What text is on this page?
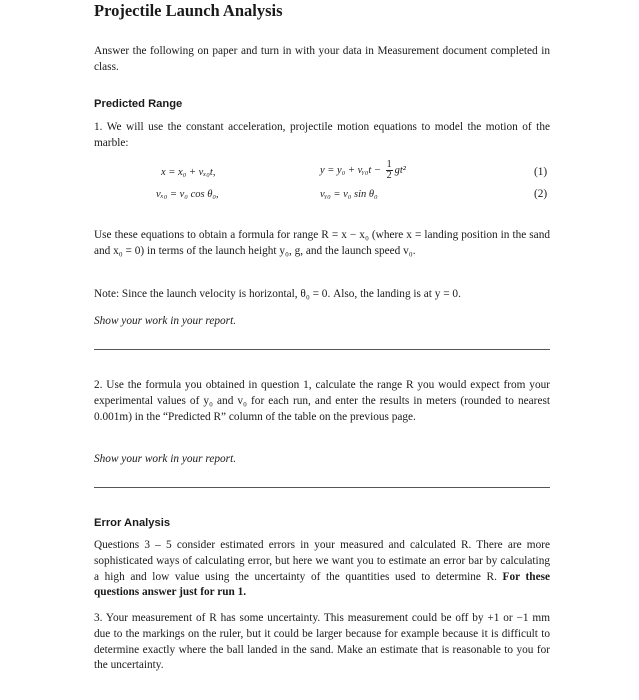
Projectile Launch Analysis

Answer the following on paper and turn in with your data in Measurement document completed in class.

Predicted Range

1. We will use the constant acceleration, projectile motion equations to model the motion of the marble:

x = x₀ + vₓ₀t,	y = y₀ + vᵧ₀t − $\frac{1}{2} gt^2$	(1)
vₓ₀ = v₀ cos θ₀,	vᵧ₀ = v₀ sin θ₀	(2)

Use these equations to obtain a formula for range R = x − x₀ (where x = landing position in the sand and x₀ = 0) in terms of the launch height y₀, g, and the launch speed v₀.

Note: Since the launch velocity is horizontal, θ₀ = 0. Also, the landing is at y = 0.

Show your work in your report.

2. Use the formula you obtained in question 1, calculate the range R you would expect from your experimental values of y₀ and v₀ for each run, and enter the results in meters (rounded to nearest 0.001m) in the “Predicted R” column of the table on the previous page.

Show your work in your report.

Error Analysis

Questions 3 – 5 consider estimated errors in your measured and calculated R. There are more sophisticated ways of calculating error, but here we want you to estimate an error bar by calculating a high and low value using the uncertainty of the quantities used to determine R. For these questions answer just for run 1.

3. Your measurement of R has some uncertainty. This measurement could be off by +1 or −1 mm due to the markings on the ruler, but it could be larger because for example because it is difficult to determine exactly where the ball landed in the sand. Make an estimate that is reasonable to you for the uncertainty.
